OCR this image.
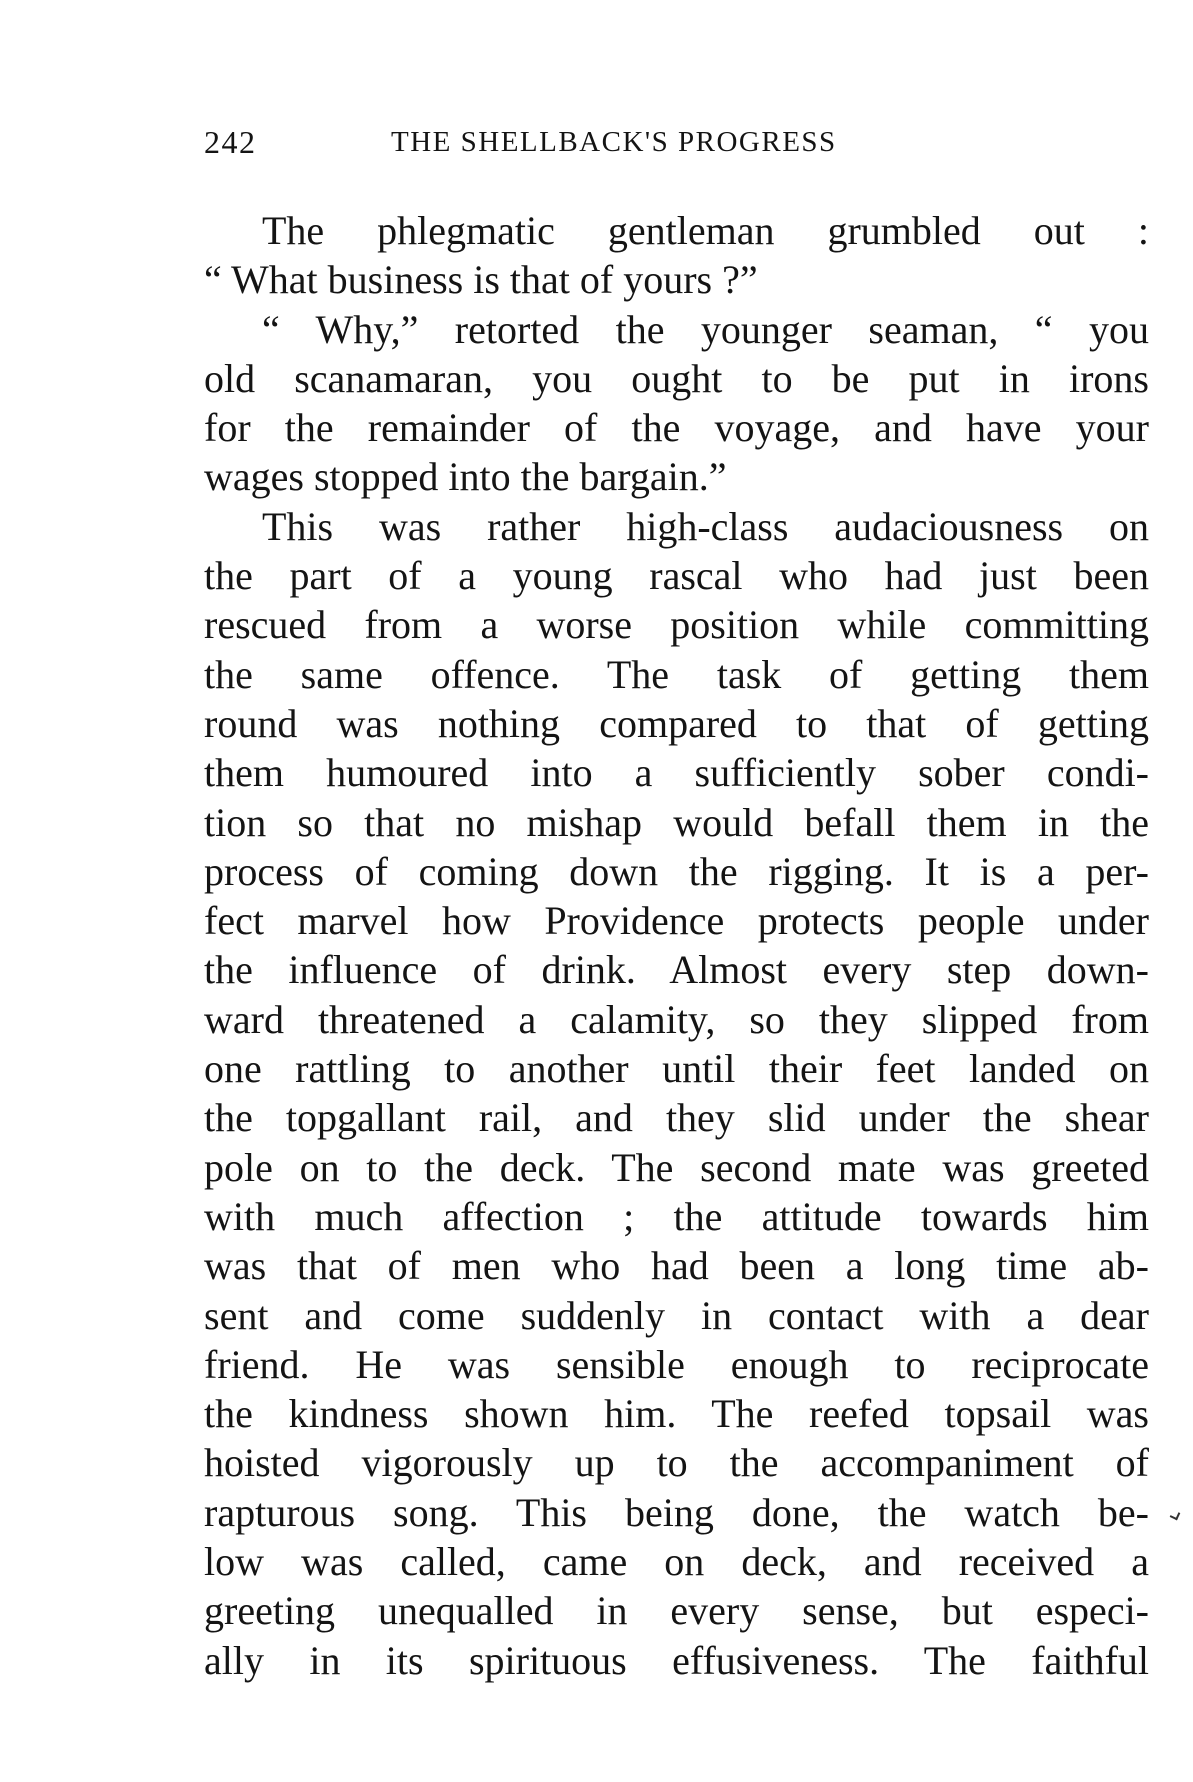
242	THE SHELLBACK'S PROGRESS
The phlegmatic gentleman grumbled out :
“ What business is that of yours ?”
“ Why,” retorted the younger seaman, “ you
old scanamaran, you ought to be put in irons
for the remainder of the voyage, and have your
wages stopped into the bargain.”
This was rather high-class audaciousness on
the part of a young rascal who had just been
rescued from a worse position while committing
the same offence. The task of getting them
round was nothing compared to that of getting
them humoured into a sufficiently sober condi-
tion so that no mishap would befall them in the
process of coming down the rigging. It is a per-
fect marvel how Providence protects people under
the influence of drink. Almost every step down-
ward threatened a calamity, so they slipped from
one rattling to another until their feet landed on
the topgallant rail, and they slid under the shear
pole on to the deck. The second mate was greeted
with much affection ; the attitude towards him
was that of men who had been a long time ab-
sent and come suddenly in contact with a dear
friend. He was sensible enough to reciprocate
the kindness shown him. The reefed topsail was
hoisted vigorously up to the accompaniment of
rapturous song. This being done, the watch be-
low was called, came on deck, and received a
greeting unequalled in every sense, but especi-
ally in its spirituous effusiveness. The faithful
